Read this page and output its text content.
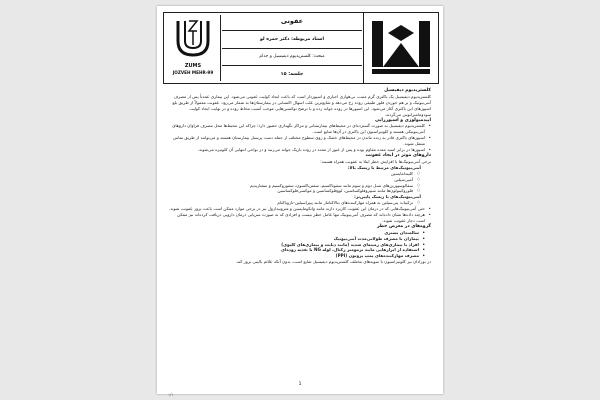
ZUMS
JOZVEH MEHR-99
عفونی
استاد مربوطه: دکتر حمزه لو
مبحث: کلستریدیوم دیفیسیل و جذام
جلسه: ۱۵
کلستریدیوم دیفیسیل
کلستریدیوم دیفیسیل یک باکتری گرم مثبت، بی‌هوازی اجباری و اسپوردار است که باعث ایجاد کولیت عفونی می‌شود. این بیماری عمدتاً پس از مصرف آنتی‌بیوتیک و بر هم خوردن فلور طبیعی روده رخ می‌دهد و شایع‌ترین علت اسهال اکتسابی در بیمارستان‌ها به شمار می‌رود. عفونت معمولاً از طریق بلع اسپورهای این باکتری آغاز می‌شود. این اسپورها در روده جوانه زده و با ترشح توکسین‌هایی موجب آسیب مخاط روده و در نهایت ایجاد کولیت سودومامبرانوس می‌گردند.
اپیدمیولوژی و اسپورزایی
• کلستریدیوم دیفیسیل به صورت گسترده‌ای در محیط‌های بیمارستانی و مراکز نگهداری حضور دارد؛ چراکه این محیط‌ها محل مصرف فراوان داروهای آنتی‌بیوتیکی هستند و کلونیزاسیون این باکتری در آن‌ها شایع است.
• اسپورهای باکتری قادر به زنده ماندن در محیط‌های خشک و روی سطوح مختلف از جمله دست پرسنل بیمارستان هستند و می‌توانند از طریق تماس منتقل شوند.
• اسپورها در برابر اسید معده مقاوم بوده و پس از عبور از معده در روده باریک جوانه می‌زنند و در نواحی انتهایی آن کلونیزه می‌شوند.
داروهای موثر در ایجاد عفونت
برخی آنتی‌بیوتیک‌ها با افزایش خطر ابتلا به عفونت همراه هستند:
آنتی‌بیوتیک‌های مرتبط با ریسک بالا:
○ کلیندامایسین
○ آمپی‌سیلین
○ سفالوسپورین‌های نسل دوم و سوم مانند سفوتاکسیم، سفتریاکسون، سفوروکسیم و سفتازیدیم
○ فلوروکینولون‌ها مانند سیپروفلوکساسین، لووفلوکساسین و موکسی‌فلوکساسین
آنتی‌بیوتیک‌های با ریسک پایین‌تر:
○ ترکیبات پنی‌سیلین به همراه مهارکننده‌های بتالاکتاماز مانند پیپراسیلین-تازوباکتام
• حتی آنتی‌بیوتیک‌هایی که در درمان این عفونت کاربرد دارند مانند وانکومایسین و مترونیدازول نیز در برخی موارد ممکن است باعث بروز عفونت شوند.
• هرچند داده‌ها نشان داده‌اند که مصرف آنتی‌بیوتیک تنها عامل خطر نیست و افرادی که به صورت سرپایی درمان دارویی دریافت کرده‌اند نیز ممکن است دچار عفونت شوند.
گروه‌های در معرض خطر
• سالمندان بستری
• بیماران با مصرف طولانی‌مدت آنتی‌بیوتیک
• افراد با بیماری‌های زمینه‌ای شدید (مانند دیابت و بیماری‌های کلیوی)
• استفاده از ابزارهایی مانند ترمومتر رکتال، لوله NG یا تغذیه روده‌ای
• مصرف مهارکننده‌های پمپ پروتون (PPI)
در نوزادان نیز کلونیزاسیون با سویه‌های مختلف کلستریدیوم دیفیسیل شایع است، بدون آنکه علائم بالینی بروز کند.
1
۱/۱
